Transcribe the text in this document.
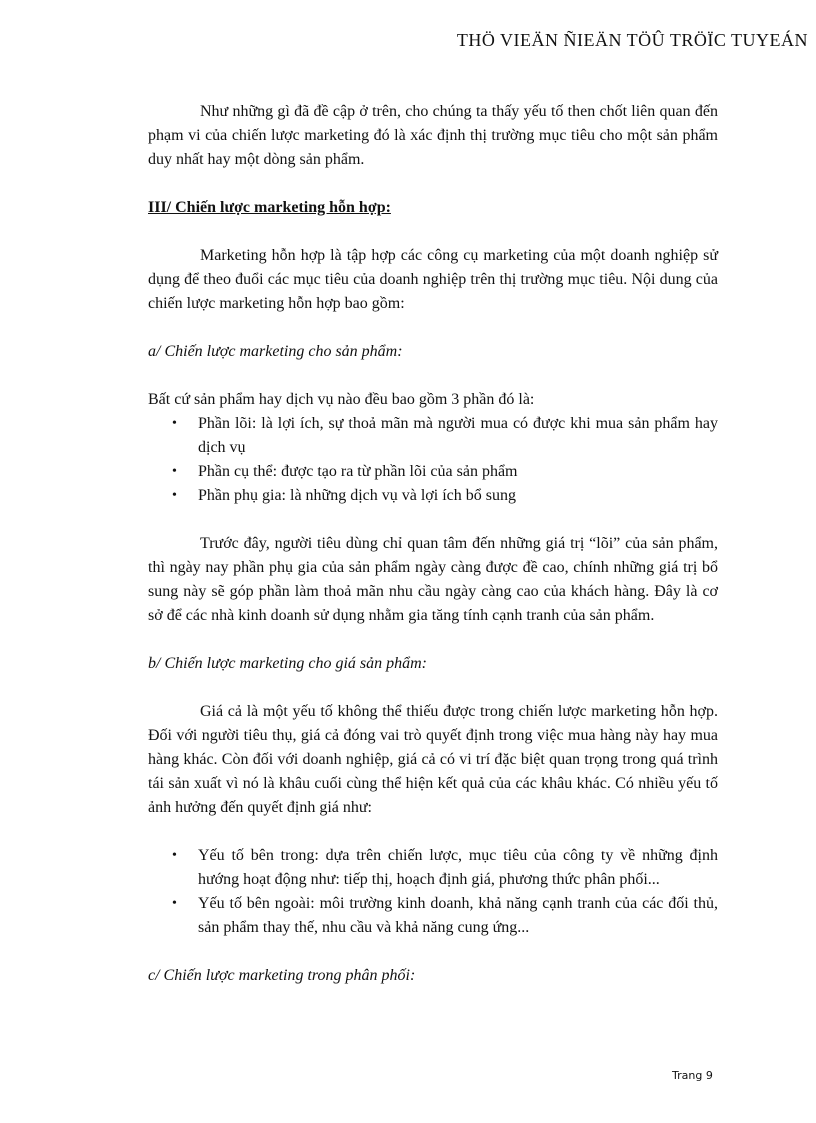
THÖ VIEÄN ÑIEÄN TÖÛ TRÖÏC TUYEÁN

Như những gì đã đề cập ở trên, cho chúng ta thấy yếu tố then chốt liên quan đến phạm vi của chiến lược marketing đó là xác định thị trường mục tiêu cho một sản phẩm duy nhất hay một dòng sản phẩm.

III/ Chiến lược marketing hỗn hợp:

Marketing hỗn hợp là tập hợp các công cụ marketing của một doanh nghiệp sử dụng để theo đuổi các mục tiêu của doanh nghiệp trên thị trường mục tiêu. Nội dung của chiến lược marketing hỗn hợp bao gồm:

a/ Chiến lược marketing cho sản phẩm:

Bất cứ sản phẩm hay dịch vụ nào đều bao gồm 3 phần đó là:

• Phần lõi: là lợi ích, sự thoả mãn mà người mua có được khi mua sản phẩm hay dịch vụ
• Phần cụ thể: được tạo ra từ phần lõi của sản phẩm
• Phần phụ gia: là những dịch vụ và lợi ích bổ sung

Trước đây, người tiêu dùng chỉ quan tâm đến những giá trị “lõi” của sản phẩm, thì ngày nay phần phụ gia của sản phẩm ngày càng được đề cao, chính những giá trị bổ sung này sẽ góp phần làm thoả mãn nhu cầu ngày càng cao của khách hàng. Đây là cơ sở để các nhà kinh doanh sử dụng nhằm gia tăng tính cạnh tranh của sản phẩm.

b/ Chiến lược marketing cho giá sản phẩm:

Giá cả là một yếu tố không thể thiếu được trong chiến lược marketing hỗn hợp. Đối với người tiêu thụ, giá cả đóng vai trò quyết định trong việc mua hàng này hay mua hàng khác. Còn đối với doanh nghiệp, giá cả có vi trí đặc biệt quan trọng trong quá trình tái sản xuất vì nó là khâu cuối cùng thể hiện kết quả của các khâu khác. Có nhiều yếu tố ảnh hưởng đến quyết định giá như:

• Yếu tố bên trong: dựa trên chiến lược, mục tiêu của công ty về những định hướng hoạt động như: tiếp thị, hoạch định giá, phương thức phân phối...
• Yếu tố bên ngoài: môi trường kinh doanh, khả năng cạnh tranh của các đối thủ, sản phẩm thay thế, nhu cầu và khả năng cung ứng...

c/ Chiến lược marketing trong phân phối:

Trang 9
